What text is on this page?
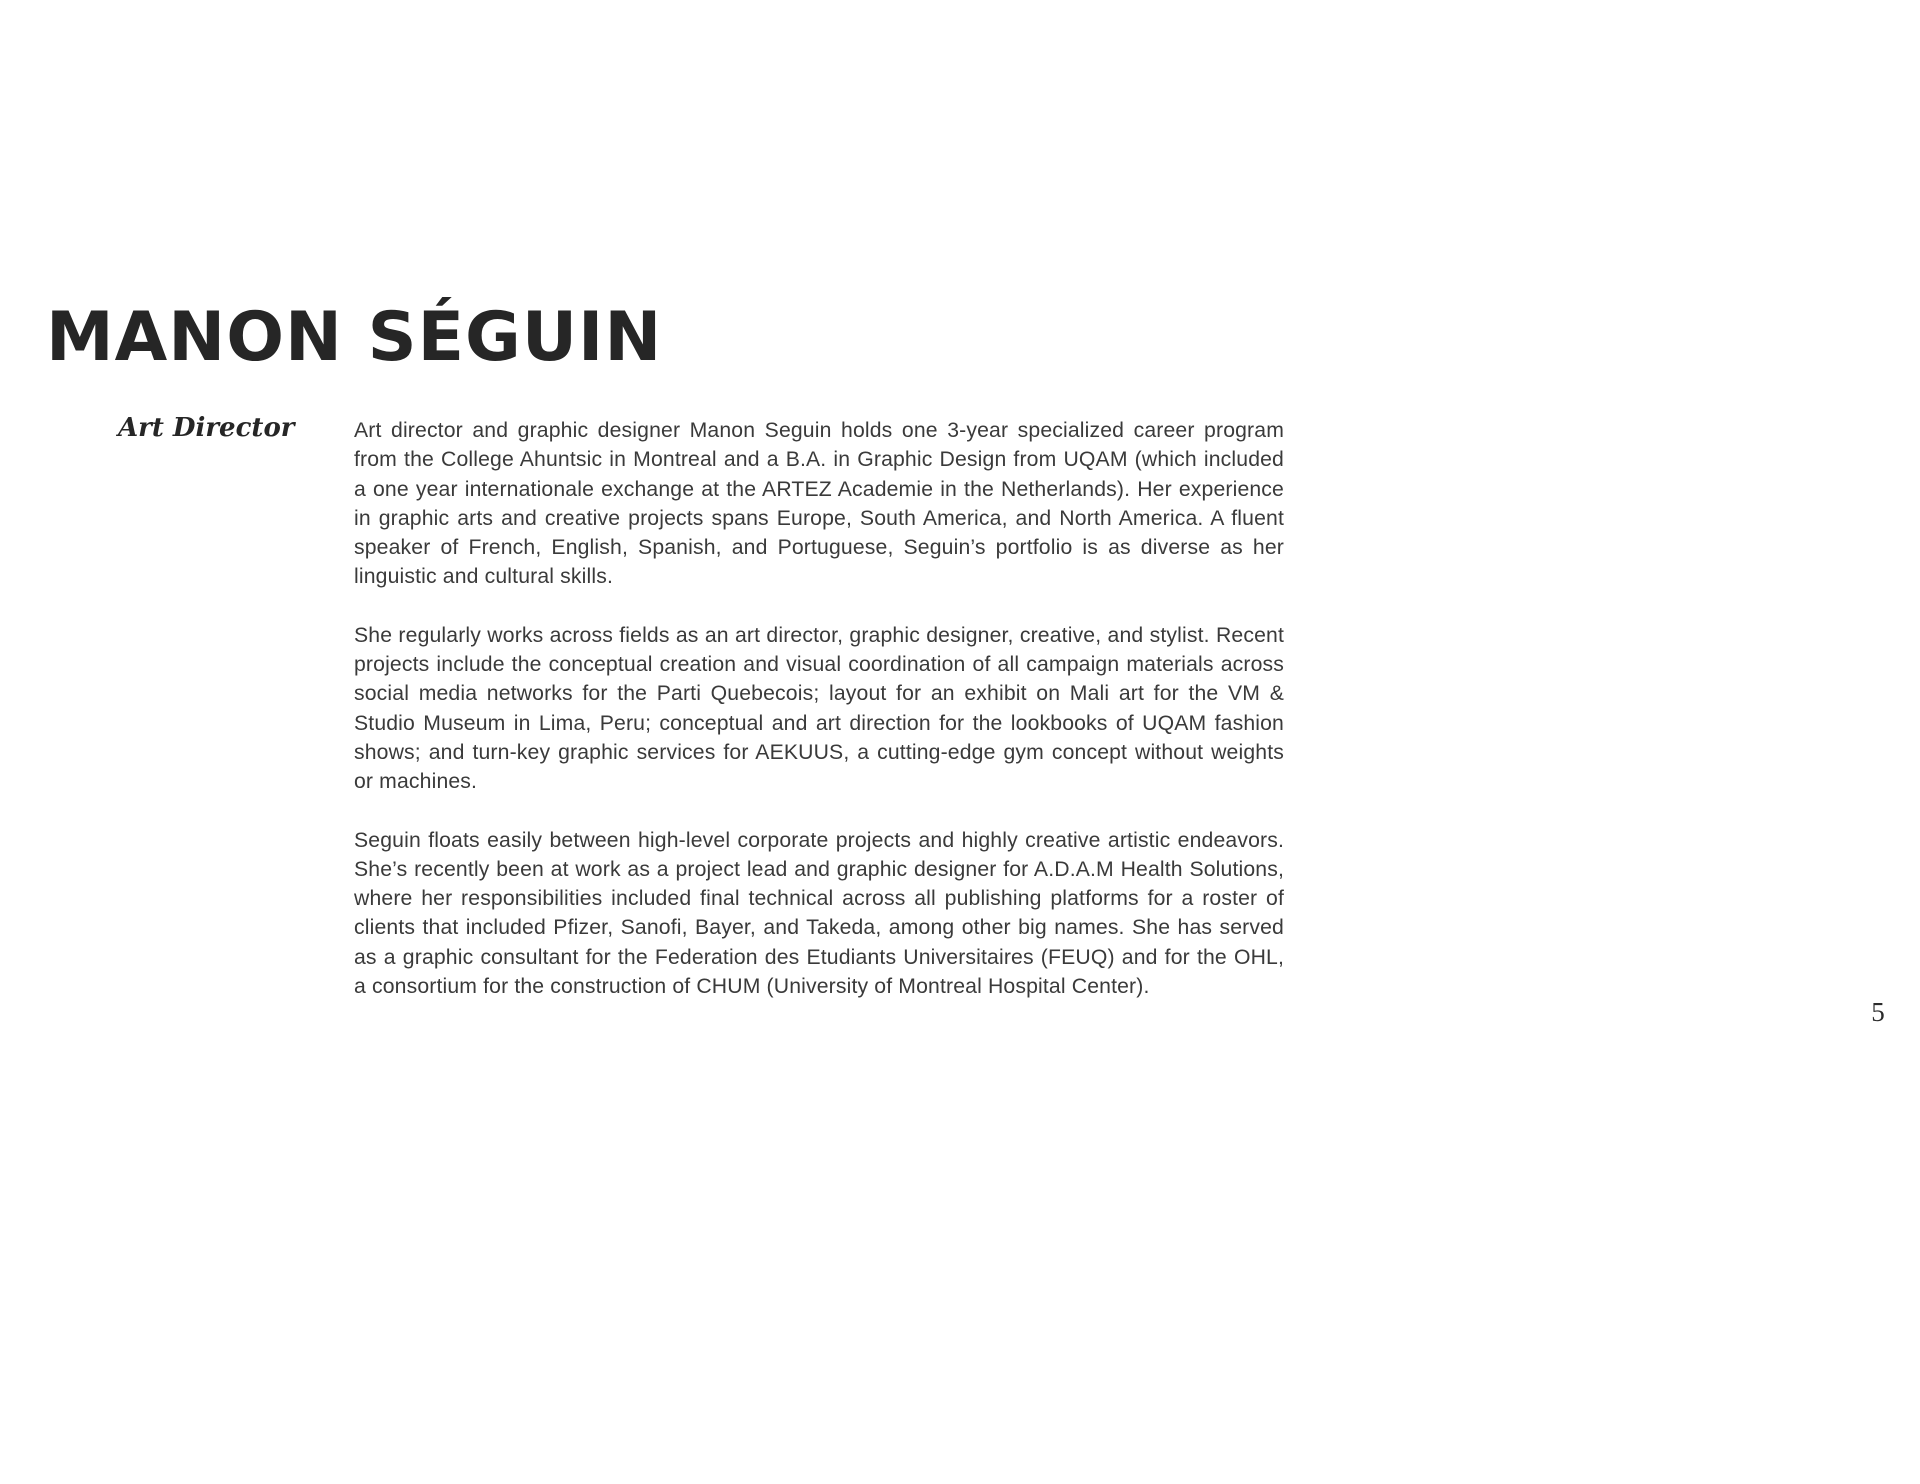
MANON SÉGUIN
Art Director	Art director and graphic designer Manon Seguin holds one 3-year specialized career program from the College Ahuntsic in Montreal and a B.A. in Graphic Design from UQAM (which included a one year internationale exchange at the ARTEZ Academie in the Netherlands). Her experience in graphic arts and creative projects spans Europe, South America, and North America. A fluent speaker of French, English, Spanish, and Portuguese, Seguin’s portfolio is as diverse as her linguistic and cultural skills.

She regularly works across fields as an art director, graphic designer, creative, and stylist. Recent projects include the conceptual creation and visual coordination of all campaign materials across social media networks for the Parti Quebecois; layout for an exhibit on Mali art for the VM & Studio Museum in Lima, Peru; conceptual and art direction for the lookbooks of UQAM fashion shows; and turn-key graphic services for AEKUUS, a cutting-edge gym concept without weights or machines.

Seguin floats easily between high-level corporate projects and highly creative artistic endeavors. She’s recently been at work as a project lead and graphic designer for A.D.A.M Health Solutions, where her responsibilities included final technical across all publishing platforms for a roster of clients that included Pfizer, Sanofi, Bayer, and Takeda, among other big names. She has served as a graphic consultant for the Federation des Etudiants Universitaires (FEUQ) and for the OHL, a consortium for the construction of CHUM (University of Montreal Hospital Center).

5
